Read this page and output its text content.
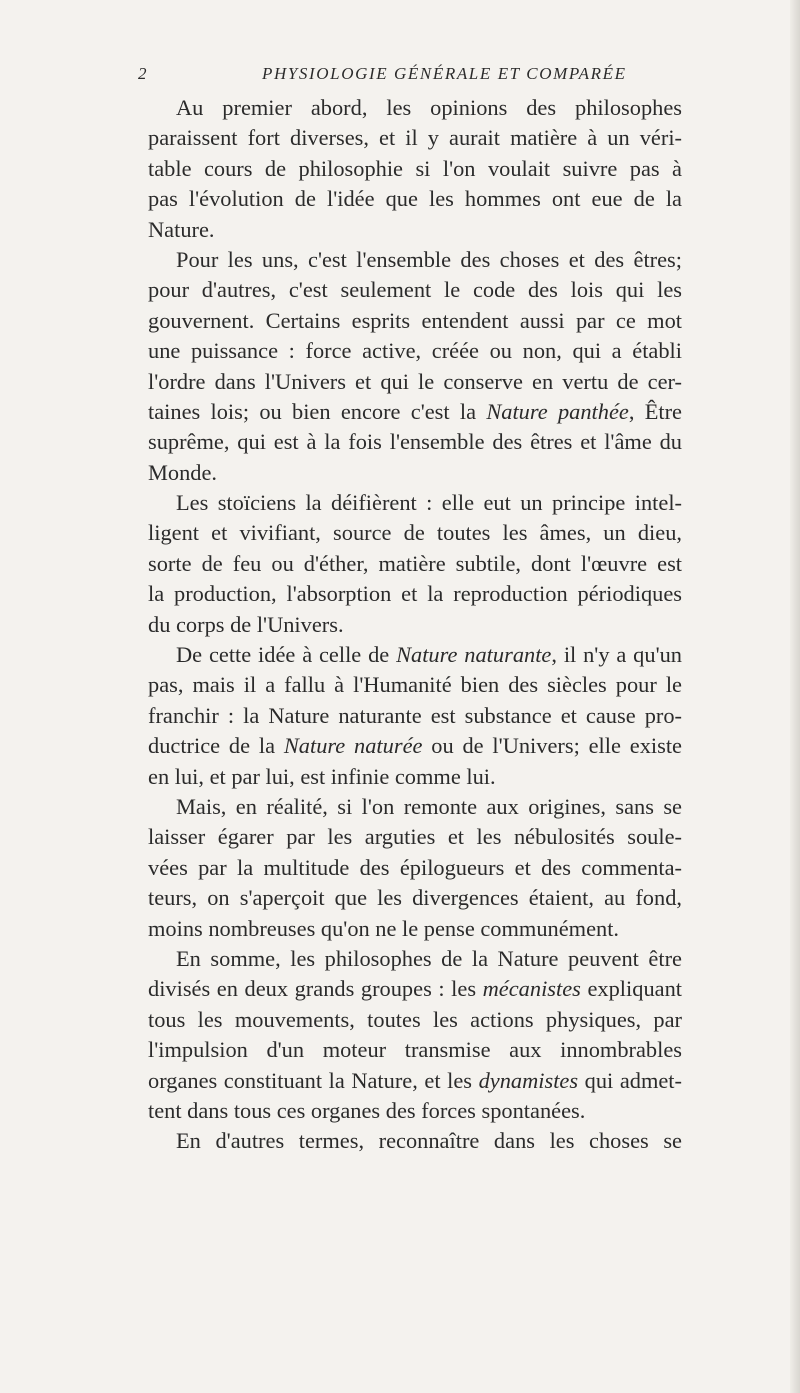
2	PHYSIOLOGIE GÉNÉRALE ET COMPARÉE
Au premier abord, les opinions des philosophes
paraissent fort diverses, et il y aurait matière à un véri-
table cours de philosophie si l'on voulait suivre pas à
pas l'évolution de l'idée que les hommes ont eue de la
Nature.
Pour les uns, c'est l'ensemble des choses et des êtres;
pour d'autres, c'est seulement le code des lois qui les
gouvernent. Certains esprits entendent aussi par ce mot
une puissance : force active, créée ou non, qui a établi
l'ordre dans l'Univers et qui le conserve en vertu de cer-
taines lois; ou bien encore c'est la Nature panthée, Être
suprême, qui est à la fois l'ensemble des êtres et l'âme du
Monde.
Les stoïciens la déifièrent : elle eut un principe intel-
ligent et vivifiant, source de toutes les âmes, un dieu,
sorte de feu ou d'éther, matière subtile, dont l'œuvre est
la production, l'absorption et la reproduction périodiques
du corps de l'Univers.
De cette idée à celle de Nature naturante, il n'y a qu'un
pas, mais il a fallu à l'Humanité bien des siècles pour le
franchir : la Nature naturante est substance et cause pro-
ductrice de la Nature naturée ou de l'Univers; elle existe
en lui, et par lui, est infinie comme lui.
Mais, en réalité, si l'on remonte aux origines, sans se
laisser égarer par les arguties et les nébulosités soule-
vées par la multitude des épilogueurs et des commenta-
teurs, on s'aperçoit que les divergences étaient, au fond,
moins nombreuses qu'on ne le pense communément.
En somme, les philosophes de la Nature peuvent être
divisés en deux grands groupes : les mécanistes expliquant
tous les mouvements, toutes les actions physiques, par
l'impulsion d'un moteur transmise aux innombrables
organes constituant la Nature, et les dynamistes qui admet-
tent dans tous ces organes des forces spontanées.
En d'autres termes, reconnaître dans les choses se
